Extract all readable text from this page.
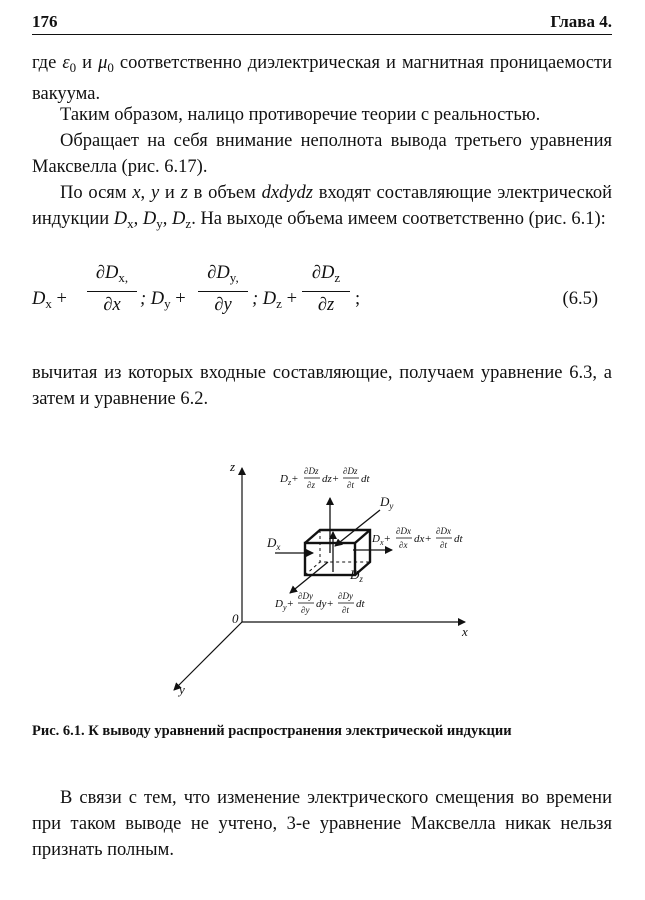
176	Глава 4.

где $\varepsilon_0$ и $\mu_0$ соответственно диэлектрическая и магнитная проницаемости вакуума.

Таким образом, налицо противоречие теории с реальностью.

Обращает на себя внимание неполнота вывода третьего уравнения Максвелла (рис. 6.17).

По осям x, y и z в объем dxdydz входят составляющие электрической индукции $D_x$, $D_y$, $D_z$. На выходе объема имеем соответственно (рис. 6.1):

$D_x$ +
$\partial D_{x,}$
∂x	; $D_y$ +
$\partial D_{y,}$
∂y	; $D_z$ +
$\partial D_z$
∂z	;	(6.5)

вычитая из которых входные составляющие, получаем уравнение 6.3, а затем и уравнение 6.2.

z
x
y
0
$D_x$
$D_y$
$D_z$
$D_z+$
∂Dz
∂z dz+
∂Dz
∂t dt
$D_x+$
∂Dx
∂x dx+
∂Dx
∂t dt
$D_y+$
∂Dy
∂y dy+
∂Dy
∂t dt

Рис. 6.1. К выводу уравнений распространения электрической индукции

В связи с тем, что изменение электрического смещения во времени при таком выводе не учтено, 3-е уравнение Максвелла никак нельзя признать полным.
